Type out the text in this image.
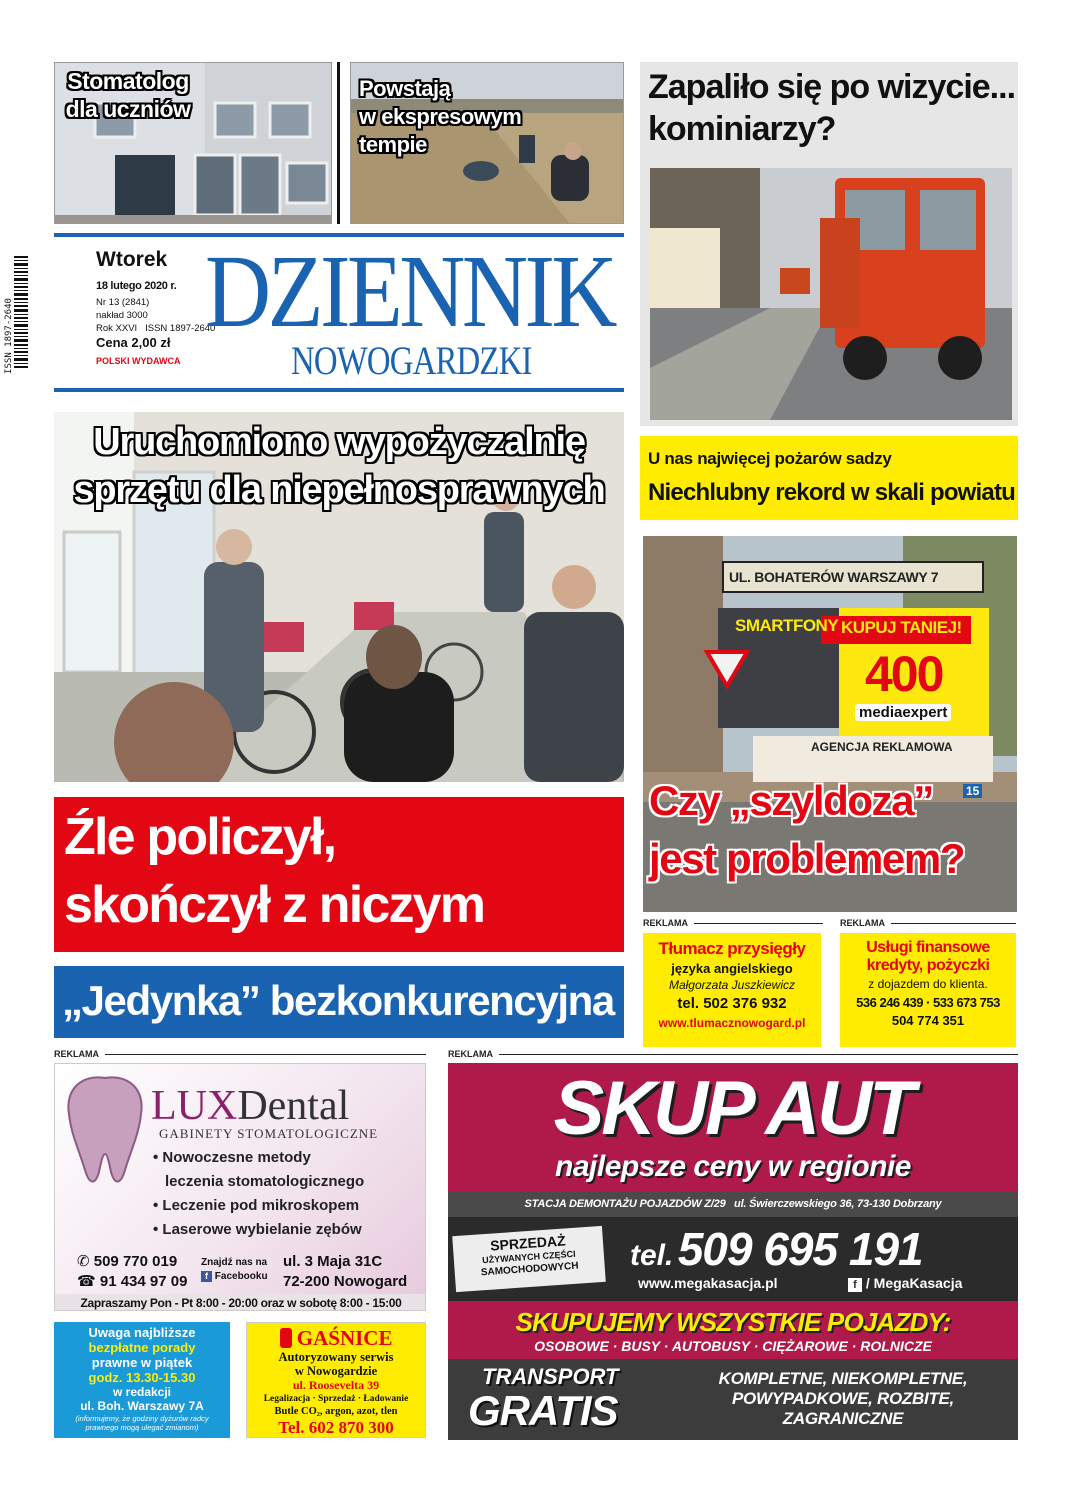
Stomatolog
dla uczniów
Powstają
w ekspresowym
tempie
ISSN 1897-2640
Wtorek
18 lutego 2020 r.
Nr 13 (2841)
nakład 3000
Rok XXVI   ISSN 1897-2640
Cena 2,00 zł
POLSKI WYDAWCA
DZIENNIK
NOWOGARDZKI
Zapaliło się po wizycie... kominiarzy?
U nas najwięcej pożarów sadzy
Niechlubny rekord w skali powiatu
Uruchomiono wypożyczalnię
sprzętu dla niepełnosprawnych
UL. BOHATERÓW WARSZAWY 7
SMARTFONY KUPUJ TANIEJ!
400
mediaexpert
AGENCJA REKLAMOWA
15
Czy „szyldoza”
jest problemem?
Źle policzył,
skończył z niczym
„Jedynka” bezkonkurencyjna
REKLAMA
Tłumacz przysięgły
języka angielskiego
Małgorzata Juszkiewicz
tel. 502 376 932
www.tlumacznowogard.pl
REKLAMA
Usługi finansowe
kredyty, pożyczki
z dojazdem do klienta.
536 246 439 · 533 673 753
504 774 351
REKLAMA	REKLAMA
LUXDental
GABINETY STOMATOLOGICZNE
• Nowoczesne metody
leczenia stomatologicznego
• Leczenie pod mikroskopem
• Laserowe wybielanie zębów
✆ 509 770 019
☎ 91 434 97 09
Znajdź nas na
f Facebooku
ul. 3 Maja 31C
72-200 Nowogard
Zapraszamy Pon - Pt 8:00 - 20:00 oraz w sobotę 8:00 - 15:00
Uwaga najbliższe
bezpłatne porady
prawne w piątek
godz. 13.30-15.30
w redakcji
ul. Boh. Warszawy 7A
(informujemy, że godziny dyżurów radcy prawnego mogą ulegać zmianom)
GAŚNICE
Autoryzowany serwis
w Nowogardzie
ul. Roosevelta 39
Legalizacja · Sprzedaż · Ładowanie
Butle CO₂, argon, azot, tlen
Tel. 602 870 300
SKUP AUT
najlepsze ceny w regionie
STACJA DEMONTAŻU POJAZDÓW Z/29   ul. Świerczewskiego 36, 73-130 Dobrzany
SPRZEDAŻ
UŻYWANYCH CZĘŚCI
SAMOCHODOWYCH	tel. 509 695 191
www.megakasacja.pl	f / MegaKasacja
SKUPUJEMY WSZYSTKIE POJAZDY:
OSOBOWE · BUSY · AUTOBUSY · CIĘŻAROWE · ROLNICZE
TRANSPORT
GRATIS
KOMPLETNE, NIEKOMPLETNE,
POWYPADKOWE, ROZBITE,
ZAGRANICZNE
